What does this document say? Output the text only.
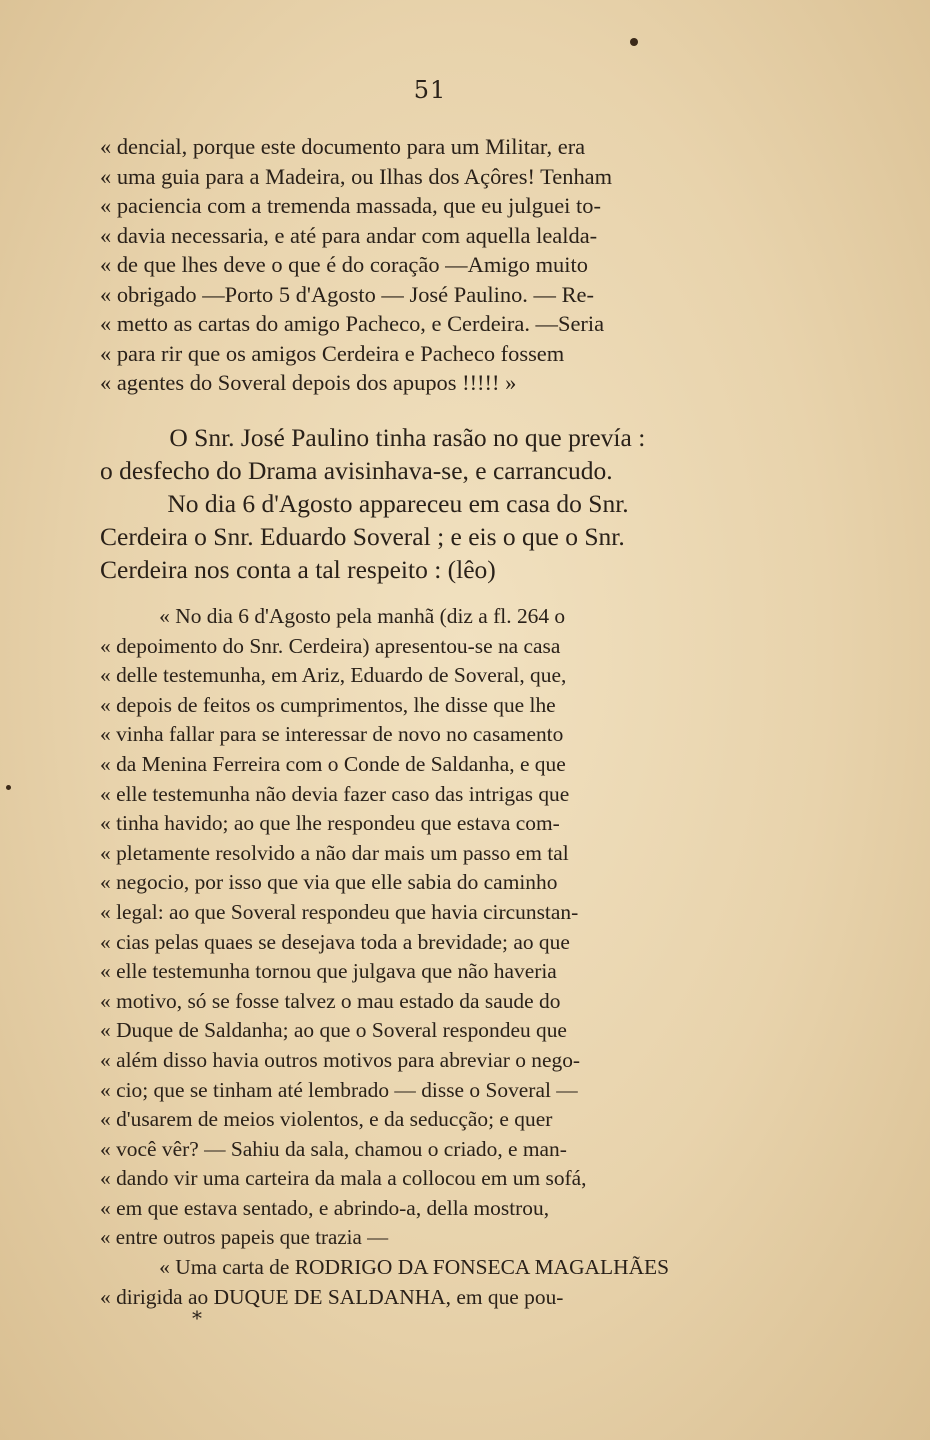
51
« dencial, porque este documento para um Militar, era
« uma guia para a Madeira, ou Ilhas dos Açôres! Tenham
« paciencia com a tremenda massada, que eu julguei to-
« davia necessaria, e até para andar com aquella lealda-
« de que lhes deve o que é do coração —Amigo muito
« obrigado —Porto 5 d'Agosto — José Paulino. — Re-
« metto as cartas do amigo Pacheco, e Cerdeira. —Seria
« para rir que os amigos Cerdeira e Pacheco fossem
« agentes do Soveral depois dos apupos !!!!! »
O Snr. José Paulino tinha rasão no que prevía :
o desfecho do Drama avisinhava-se, e carrancudo.
No dia 6 d'Agosto appareceu em casa do Snr.
Cerdeira o Snr. Eduardo Soveral ; e eis o que o Snr.
Cerdeira nos conta a tal respeito : (lêo)
« No dia 6 d'Agosto pela manhã (diz a fl. 264 o
« depoimento do Snr. Cerdeira) apresentou-se na casa
« delle testemunha, em Ariz, Eduardo de Soveral, que,
« depois de feitos os cumprimentos, lhe disse que lhe
« vinha fallar para se interessar de novo no casamento
« da Menina Ferreira com o Conde de Saldanha, e que
« elle testemunha não devia fazer caso das intrigas que
« tinha havido; ao que lhe respondeu que estava com-
« pletamente resolvido a não dar mais um passo em tal
« negocio, por isso que via que elle sabia do caminho
« legal: ao que Soveral respondeu que havia circunstan-
« cias pelas quaes se desejava toda a brevidade; ao que
« elle testemunha tornou que julgava que não haveria
« motivo, só se fosse talvez o mau estado da saude do
« Duque de Saldanha; ao que o Soveral respondeu que
« além disso havia outros motivos para abreviar o nego-
« cio; que se tinham até lembrado — disse o Soveral —
« d'usarem de meios violentos, e da seducção; e quer
« você vêr? — Sahiu da sala, chamou o criado, e man-
« dando vir uma carteira da mala a collocou em um sofá,
« em que estava sentado, e abrindo-a, della mostrou,
« entre outros papeis que trazia —
« Uma carta de RODRIGO DA FONSECA MAGALHÃES
« dirigida ao DUQUE DE SALDANHA, em que pou-
*
